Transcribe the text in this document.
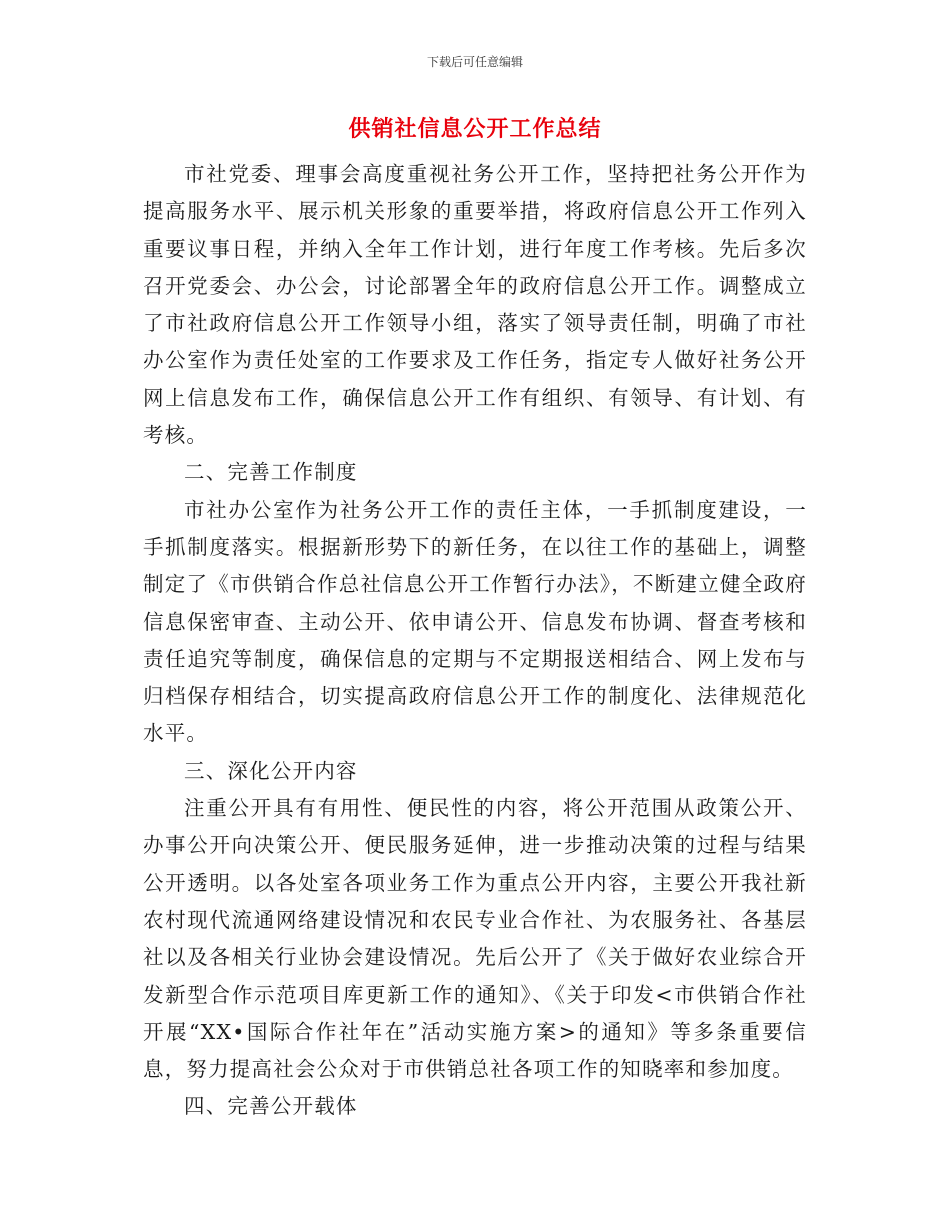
下载后可任意编辑
供销社信息公开工作总结

市社党委、理事会高度重视社务公开工作，坚持把社务公开作为提高服务水平、展示机关形象的重要举措，将政府信息公开工作列入重要议事日程，并纳入全年工作计划，进行年度工作考核。先后多次召开党委会、办公会，讨论部署全年的政府信息公开工作。调整成立了市社政府信息公开工作领导小组，落实了领导责任制，明确了市社办公室作为责任处室的工作要求及工作任务，指定专人做好社务公开网上信息发布工作，确保信息公开工作有组织、有领导、有计划、有考核。

二、完善工作制度

市社办公室作为社务公开工作的责任主体，一手抓制度建设，一手抓制度落实。根据新形势下的新任务，在以往工作的基础上，调整制定了《市供销合作总社信息公开工作暂行办法》，不断建立健全政府信息保密审查、主动公开、依申请公开、信息发布协调、督查考核和责任追究等制度，确保信息的定期与不定期报送相结合、网上发布与归档保存相结合，切实提高政府信息公开工作的制度化、法律规范化水平。

三、深化公开内容

注重公开具有有用性、便民性的内容，将公开范围从政策公开、办事公开向决策公开、便民服务延伸，进一步推动决策的过程与结果公开透明。以各处室各项业务工作为重点公开内容，主要公开我社新农村现代流通网络建设情况和农民专业合作社、为农服务社、各基层社以及各相关行业协会建设情况。先后公开了《关于做好农业综合开发新型合作示范项目库更新工作的通知》、《关于印发<市供销合作社开展“XX•国际合作社年在”活动实施方案>的通知》等多条重要信息，努力提高社会公众对于市供销总社各项工作的知晓率和参加度。

四、完善公开载体
